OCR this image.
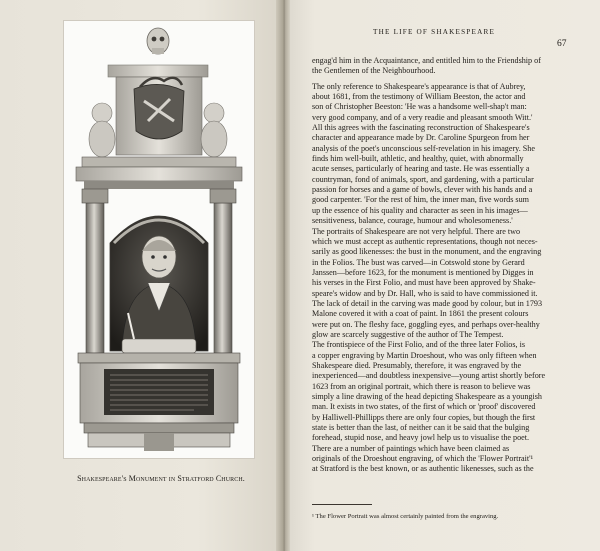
Shakespeare's Monument in Stratford Church.
THE LIFE OF SHAKESPEARE
67
engag'd him in the Acquaintance, and entitled him to the Friendship of
the Gentlemen of the Neighbourhood.
The only reference to Shakespeare's appearance is that of Aubrey,
about 1681, from the testimony of William Beeston, the actor and
son of Christopher Beeston: 'He was a handsome well-shap't man:
very good company, and of a very readie and pleasant smooth Witt.'
All this agrees with the fascinating reconstruction of Shakespeare's
character and appearance made by Dr. Caroline Spurgeon from her
analysis of the poet's unconscious self-revelation in his imagery. She
finds him well-built, athletic, and healthy, quiet, with abnormally
acute senses, particularly of hearing and taste. He was essentially a
countryman, fond of animals, sport, and gardening, with a particular
passion for horses and a game of bowls, clever with his hands and a
good carpenter. 'For the rest of him, the inner man, five words sum
up the essence of his quality and character as seen in his images—
sensitiveness, balance, courage, humour and wholesomeness.'
The portraits of Shakespeare are not very helpful. There are two
which we must accept as authentic representations, though not neces-
sarily as good likenesses: the bust in the monument, and the engraving
in the Folios. The bust was carved—in Cotswold stone by Gerard
Janssen—before 1623, for the monument is mentioned by Digges in
his verses in the First Folio, and must have been approved by Shake-
speare's widow and by Dr. Hall, who is said to have commissioned it.
The lack of detail in the carving was made good by colour, but in 1793
Malone covered it with a coat of paint. In 1861 the present colours
were put on. The fleshy face, goggling eyes, and perhaps over-healthy
glow are scarcely suggestive of the author of The Tempest.
The frontispiece of the First Folio, and of the three later Folios, is
a copper engraving by Martin Droeshout, who was only fifteen when
Shakespeare died. Presumably, therefore, it was engraved by the
inexperienced—and doubtless inexpensive—young artist shortly before
1623 from an original portrait, which there is reason to believe was
simply a line drawing of the head depicting Shakespeare as a youngish
man. It exists in two states, of the first of which or 'proof' discovered
by Halliwell-Phillipps there are only four copies, but though the first
state is better than the last, of neither can it be said that the bulging
forehead, stupid nose, and heavy jowl help us to visualise the poet.
There are a number of paintings which have been claimed as
originals of the Droeshout engraving, of which the 'Flower Portrait'¹
at Stratford is the best known, or as authentic likenesses, such as the
¹ The Flower Portrait was almost certainly painted from the engraving.
